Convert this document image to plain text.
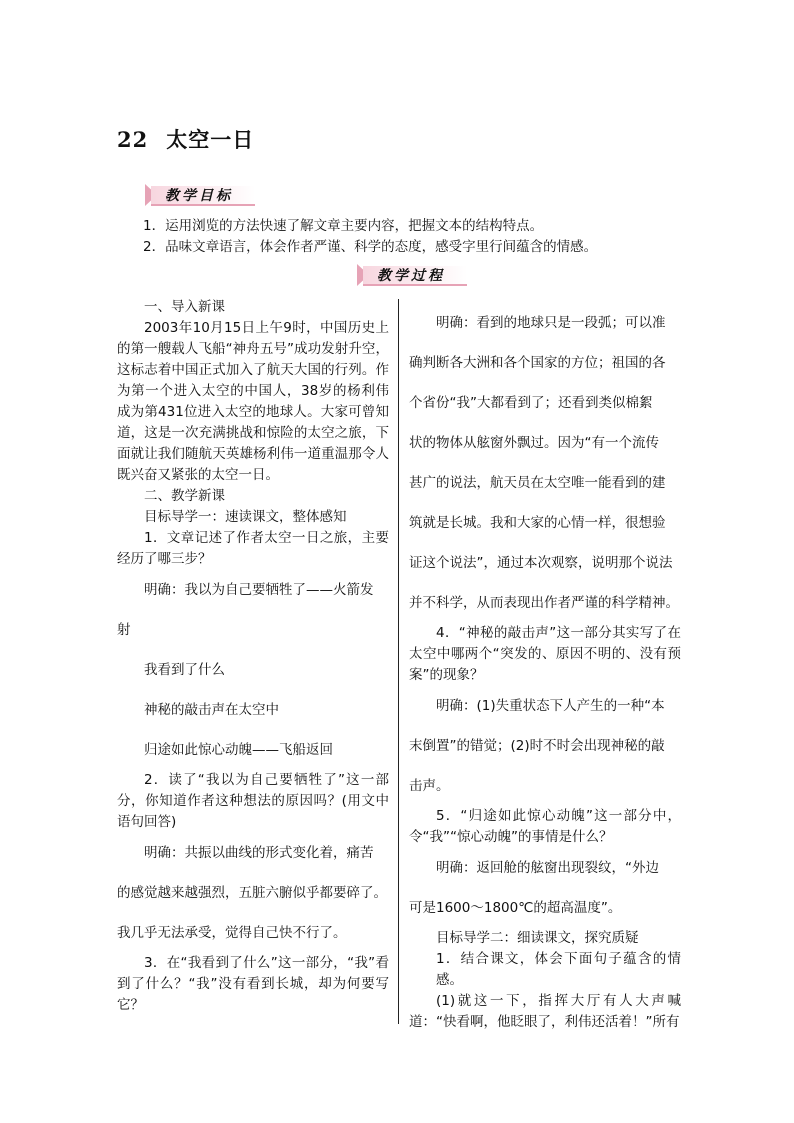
22 太空一日
教学目标
1．运用浏览的方法快速了解文章主要内容，把握文本的结构特点。
2．品味文章语言，体会作者严谨、科学的态度，感受字里行间蕴含的情感。
教学过程

一、导入新课

2003年10月15日上午9时，中国历史上的第一艘载人飞船“神舟五号”成功发射升空，这标志着中国正式加入了航天大国的行列。作为第一个进入太空的中国人，38岁的杨利伟成为第431位进入太空的地球人。大家可曾知道，这是一次充满挑战和惊险的太空之旅，下面就让我们随航天英雄杨利伟一道重温那令人既兴奋又紧张的太空一日。

二、教学新课

目标导学一：速读课文，整体感知

1．文章记述了作者太空一日之旅，主要经历了哪三步？

明确：我以为自己要牺牲了——火箭发

射

我看到了什么

神秘的敲击声在太空中

归途如此惊心动魄——飞船返回

2．读了“我以为自己要牺牲了”这一部分，你知道作者这种想法的原因吗？(用文中语句回答)

明确：共振以曲线的形式变化着，痛苦

的感觉越来越强烈，五脏六腑似乎都要碎了。

我几乎无法承受，觉得自己快不行了。

3．在“我看到了什么”这一部分，“我”看到了什么？“我”没有看到长城，却为何要写它？

明确：看到的地球只是一段弧；可以准

确判断各大洲和各个国家的方位；祖国的各

个省份“我”大都看到了；还看到类似棉絮

状的物体从舷窗外飘过。因为“有一个流传

甚广的说法，航天员在太空唯一能看到的建

筑就是长城。我和大家的心情一样，很想验

证这个说法”，通过本次观察，说明那个说法

并不科学，从而表现出作者严谨的科学精神。

4．“神秘的敲击声”这一部分其实写了在太空中哪两个“突发的、原因不明的、没有预案”的现象？

明确：(1)失重状态下人产生的一种“本

末倒置”的错觉；(2)时不时会出现神秘的敲

击声。

5．“归途如此惊心动魄”这一部分中，令“我”“惊心动魄”的事情是什么？

明确：返回舱的舷窗出现裂纹，“外边

可是1600～1800℃的超高温度”。

目标导学二：细读课文，探究质疑

1．结合课文，体会下面句子蕴含的情感。

(1)就这一下，指挥大厅有人大声喊道：“快看啊，他眨眼了，利伟还活着！”所有
